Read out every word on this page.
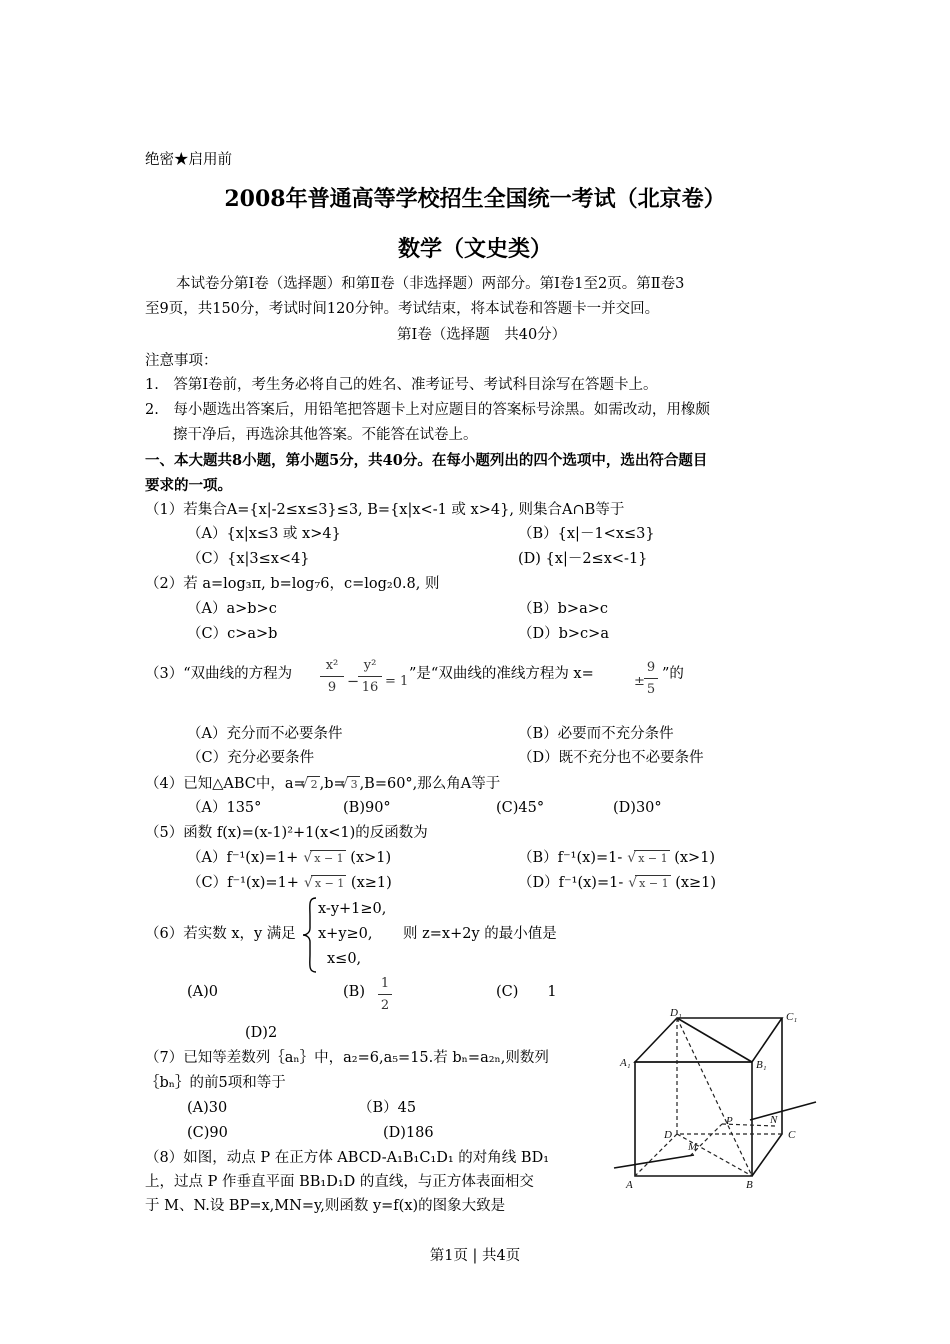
绝密★启用前
2008年普通高等学校招生全国统一考试（北京卷）
数学（文史类）
本试卷分第Ⅰ卷（选择题）和第Ⅱ卷（非选择题）两部分。第Ⅰ卷1至2页。第Ⅱ卷3
至9页，共150分，考试时间120分钟。考试结束，将本试卷和答题卡一并交回。
第Ⅰ卷（选择题　共40分）
注意事项：
1.　答第Ⅰ卷前，考生务必将自己的姓名、准考证号、考试科目涂写在答题卡上。
2.　每小题选出答案后，用铅笔把答题卡上对应题目的答案标号涂黑。如需改动，用橡颇
擦干净后，再选涂其他答案。不能答在试卷上。
一、本大题共8小题，第小题5分，共40分。在每小题列出的四个选项中，选出符合题目
要求的一项。
（1）若集合A={x|-2≤x≤3}≤3, B={x|x<-1 或 x>4}, 则集合A∩B等于
（A）{x|x≤3 或 x>4}	（B）{x|－1<x≤3}
（C）{x|3≤x<4}	(D) {x|－2≤x<-1}
（2）若 a=log₃π, b=log₇6，c=log₂0.8, 则
（A）a>b>c	（B）b>a>c
（C）c>a>b	（D）b>c>a
（3）“双曲线的方程为
x²
9 −
y²
16 = 1 ”是“双曲线的准线方程为 x=	±
9
5
”的
（A）充分而不必要条件	（B）必要而不充分条件
（C）充分必要条件	（D）既不充分也不必要条件
（4）已知△ABC中，a= √ 2 ,b= √ 3 ,B=60°,那么角A等于
（A）135°	(B)90°	(C)45°	(D)30°
（5）函数 f(x)=(x-1)²+1(x<1)的反函数为
（A）f⁻¹(x)=1+ √ x − 1 (x>1)	（B）f⁻¹(x)=1- √ x − 1 (x>1)
（C）f⁻¹(x)=1+ √ x − 1 (x≥1)	（D）f⁻¹(x)=1- √ x − 1 (x≥1)
（6）若实数 x，y 满足
x-y+1≥0,
x+y≥0,
x≤0,
则 z=x+2y 的最小值是
(A)0	(B)
1
2
(C)　　1
(D)2
（7）已知等差数列｛aₙ｝中，a₂=6,a₅=15.若 bₙ=a₂ₙ,则数列
｛bₙ｝的前5项和等于
(A)30	（B）45
(C)90	(D)186
（8）如图，动点 P 在正方体 ABCD-A₁B₁C₁D₁ 的对角线 BD₁
上，过点 P 作垂直平面 BB₁D₁D 的直线，与正方体表面相交
于 M、N.设 BP=x,MN=y,则函数 y=f(x)的图象大致是
D₁	C₁
A₁	B₁
D	C
A	B
P
M
N
第1页 | 共4页
